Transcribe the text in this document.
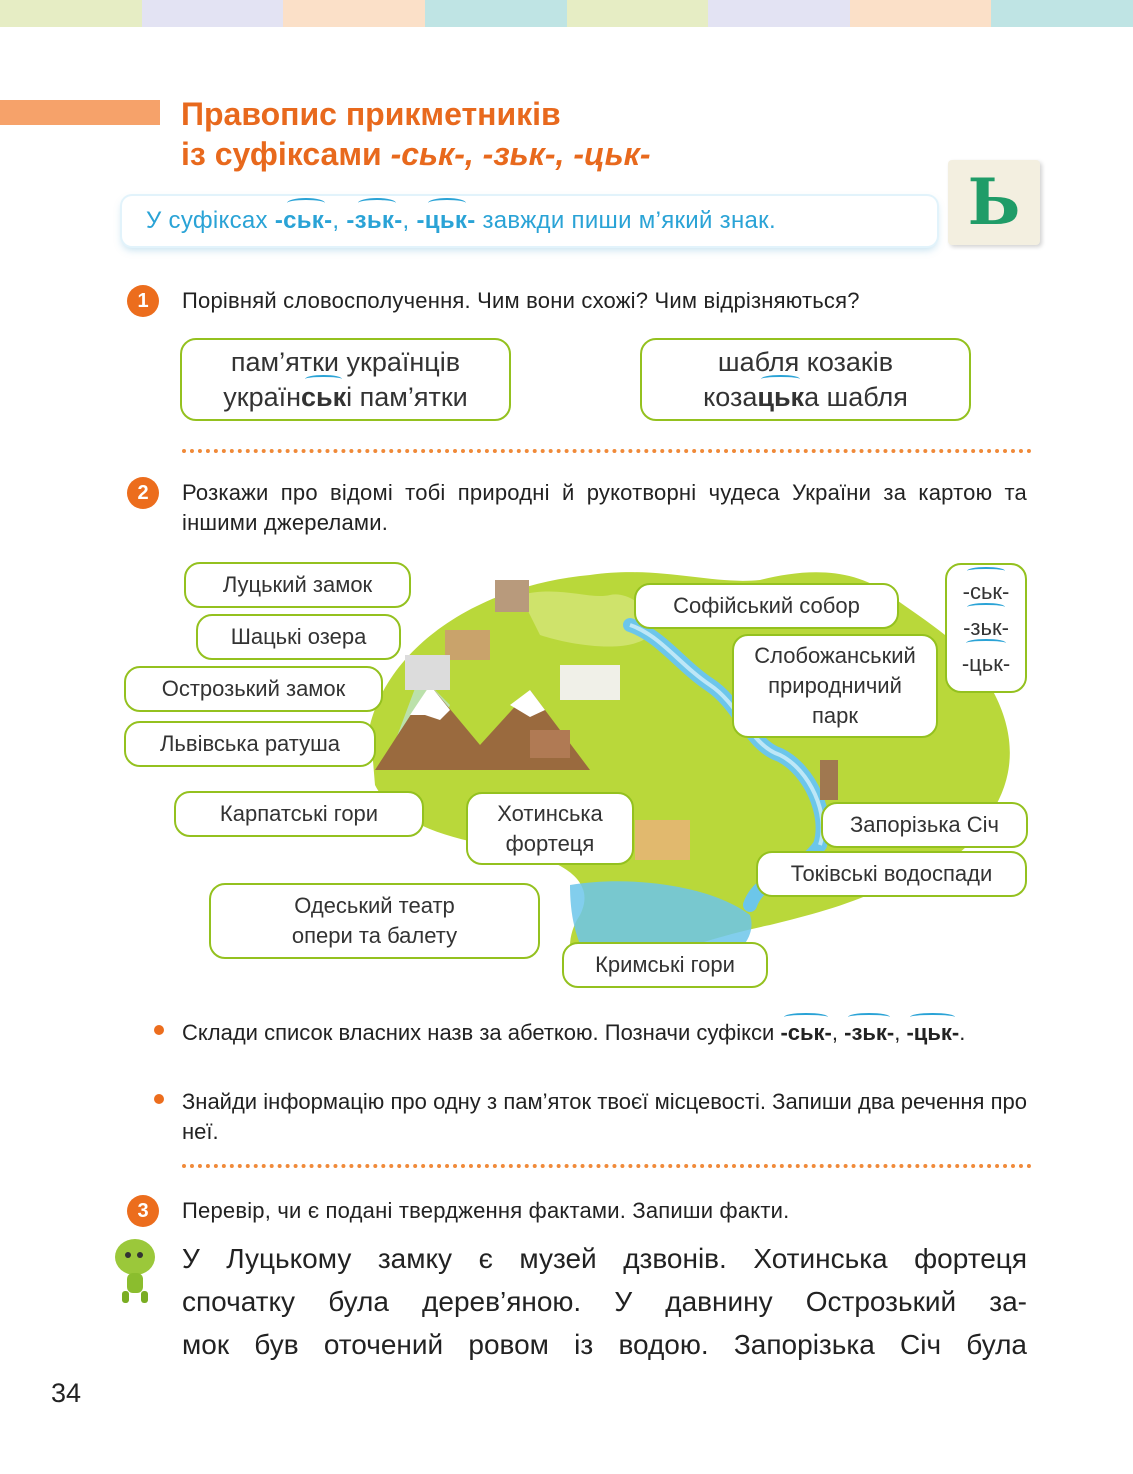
Правопис прикметників
із суфіксами -ськ-, -зьк-, -цьк-
У суфіксах -ськ-
, -зьк-
, -цьк-
завжди пиши м’який знак.	Ь
1	Порівняй словосполучення. Чим вони схожі? Чим відрізняються?
пам’ятки українців
українськ
і пам’ятки
шабля козаків
козацьк
а шабля
2	Розкажи про відомі тобі природні й рукотворні чудеса України за картою та іншими джерелами.
Луцький замок
Шацькі озера
Острозький замок
Львівська ратуша
Карпатські гори	Хотинська
фортеця
Одеський театр
опери та балету
Кримські гори
Софійський собор
Слобожанський
природничий
парк
Запорізька Січ
Токівські водоспади
-ськ-
-зьк-
-цьк-
Склади список власних назв за абеткою. Позначи суфікси -ськ-
, -зьк-
, -цьк-
.
Знайди інформацію про одну з пам’яток твоєї місцевості. Запиши два речення про неї.
3	Перевір, чи є подані твердження фактами. Запиши факти.
У Луцькому замку є музей дзвонів. Хотинська фортеця
спочатку була дерев’яною. У давнину Острозький за-
мок був оточений ровом із водою. Запорізька Січ була
34
